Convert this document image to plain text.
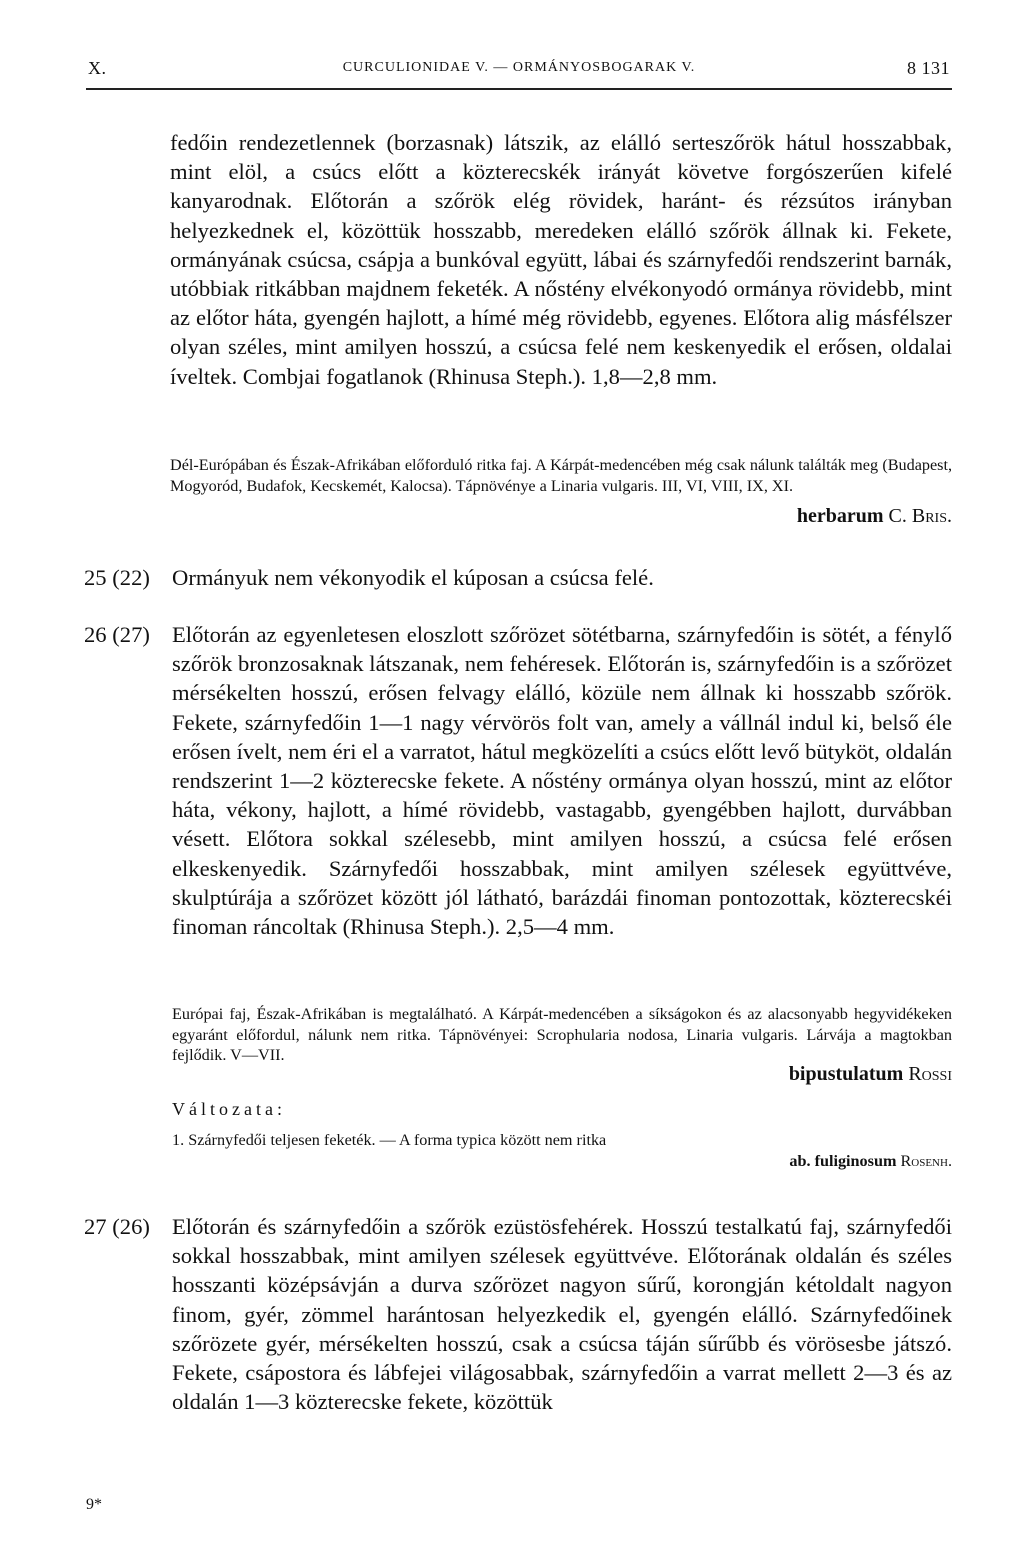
X.	CURCULIONIDAE V. — ORMÁNYOSBOGARAK V.	8 131

fedőin rendezetlennek (borzasnak) látszik, az elálló serteszőrök hátul hosszabbak, mint elöl, a csúcs előtt a közterecskék irányát követve forgószerűen kifelé kanyarodnak. Előtorán a szőrök elég rövidek, haránt- és rézsútos irányban helyezkednek el, közöttük hosszabb, meredeken elálló szőrök állnak ki. Fekete, ormányának csúcsa, csápja a bunkóval együtt, lábai és szárnyfedői rendszerint barnák, utóbbiak ritkábban majdnem feketék. A nőstény elvékonyodó ormánya rövidebb, mint az előtor háta, gyengén hajlott, a hímé még rövidebb, egyenes. Előtora alig másfélszer olyan széles, mint amilyen hosszú, a csúcsa felé nem keskenyedik el erősen, oldalai íveltek. Combjai fogatlanok (Rhinusa Steph.). 1,8—2,8 mm.

Dél-Európában és Észak-Afrikában előforduló ritka faj. A Kárpát-medencében még csak nálunk találták meg (Budapest, Mogyoród, Budafok, Kecskemét, Kalocsa). Tápnövénye a Linaria vulgaris. III, VI, VIII, IX, XI.

herbarum C. Bris.
25 (22) Ormányuk nem vékonyodik el kúposan a csúcsa felé.

26 (27) Előtorán az egyenletesen eloszlott szőrözet sötétbarna, szárnyfedőin is sötét, a fénylő szőrök bronzosaknak látszanak, nem fehéresek. Előtorán is, szárnyfedőin is a szőrözet mérsékelten hosszú, erősen felvagy elálló, közüle nem állnak ki hosszabb szőrök. Fekete, szárnyfedőin 1—1 nagy vérvörös folt van, amely a vállnál indul ki, belső éle erősen ívelt, nem éri el a varratot, hátul megközelíti a csúcs előtt levő bütyköt, oldalán rendszerint 1—2 közterecske fekete. A nőstény ormánya olyan hosszú, mint az előtor háta, vékony, hajlott, a hímé rövidebb, vastagabb, gyengébben hajlott, durvábban vésett. Előtora sokkal szélesebb, mint amilyen hosszú, a csúcsa felé erősen elkeskenyedik. Szárnyfedői hosszabbak, mint amilyen szélesek együttvéve, skulptúrája a szőrözet között jól látható, barázdái finoman pontozottak, közterecskéi finoman ráncoltak (Rhinusa Steph.). 2,5—4 mm.

Európai faj, Észak-Afrikában is megtalálható. A Kárpát-medencében a síkságokon és az alacsonyabb hegyvidékeken egyaránt előfordul, nálunk nem ritka. Tápnövényei: Scrophularia nodosa, Linaria vulgaris. Lárvája a magtokban fejlődik. V—VII.

bipustulatum Rossi
Változata:
1. Szárnyfedői teljesen feketék. — A forma typica között nem ritka
ab. fuliginosum Rosenh.
27 (26) Előtorán és szárnyfedőin a szőrök ezüstösfehérek. Hosszú testalkatú faj, szárnyfedői sokkal hosszabbak, mint amilyen szélesek együttvéve. Előtorának oldalán és széles hosszanti középsávján a durva szőrözet nagyon sűrű, korongján kétoldalt nagyon finom, gyér, zömmel harántosan helyezkedik el, gyengén elálló. Szárnyfedőinek szőrözete gyér, mérsékelten hosszú, csak a csúcsa táján sűrűbb és vörösesbe játszó. Fekete, csápostora és lábfejei világosabbak, szárnyfedőin a varrat mellett 2—3 és az oldalán 1—3 közterecske fekete, közöttük

9*
